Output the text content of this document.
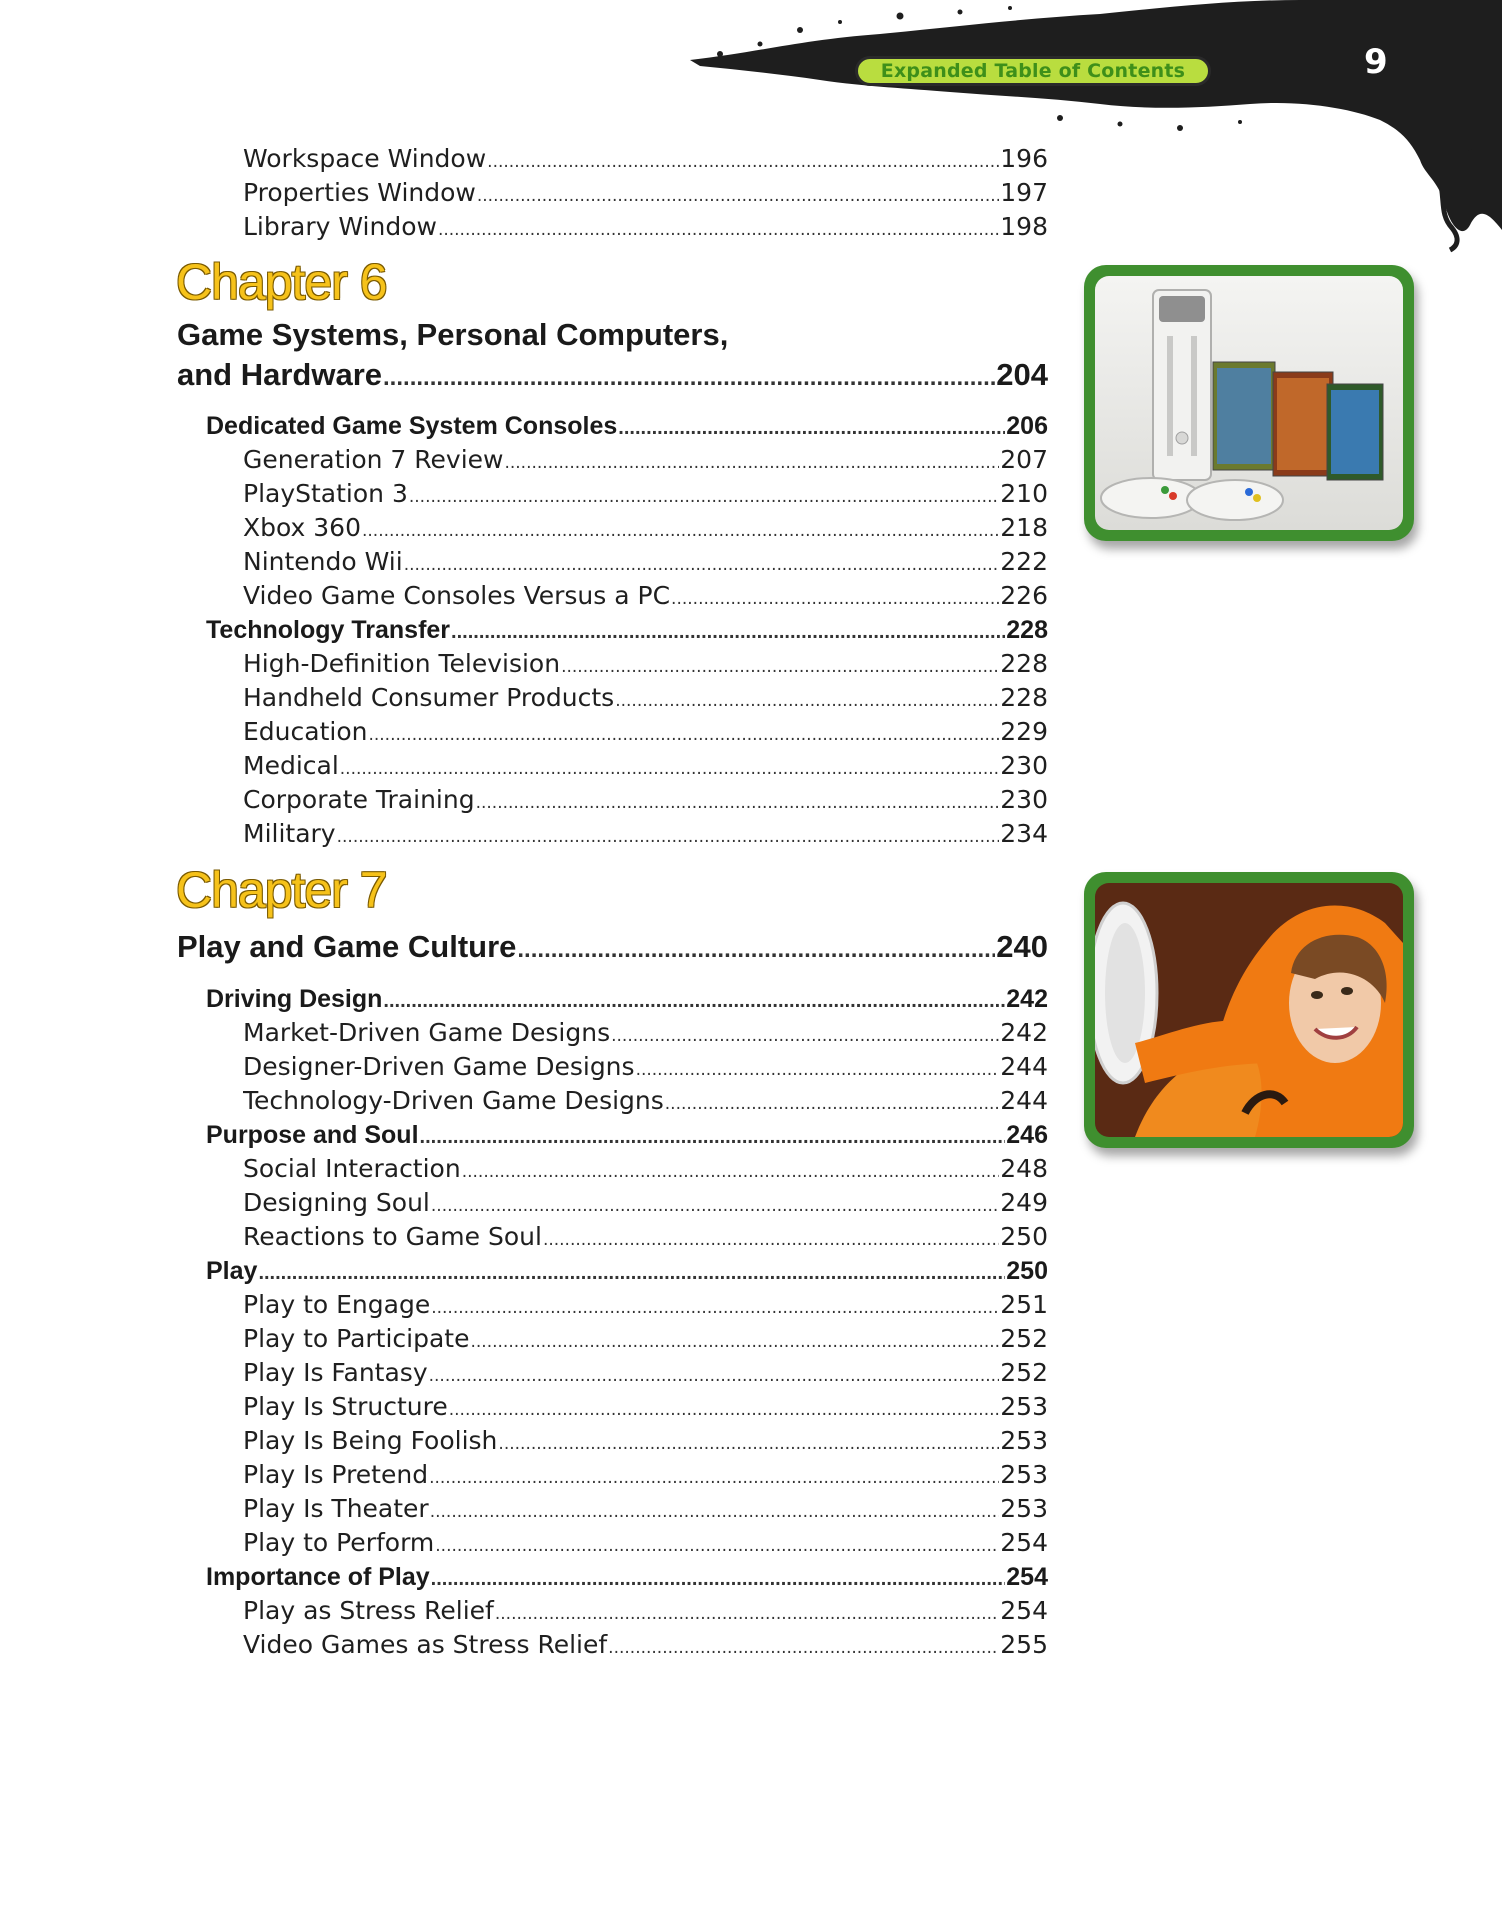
Expanded Table of Contents	9
Workspace Window .....	196
Properties Window .....	197
Library Window .....	198
Chapter 6
Game Systems, Personal Computers,
and Hardware .....	204
Dedicated Game System Consoles .....	206
Generation 7 Review .....	207
PlayStation 3 .....	210
Xbox 360 .....	218
Nintendo Wii .....	222
Video Game Consoles Versus a PC .....	226
Technology Transfer .....	228
High-Definition Television .....	228
Handheld Consumer Products .....	228
Education .....	229
Medical .....	230
Corporate Training .....	230
Military .....	234
Chapter 7
Play and Game Culture .....	240
Driving Design .....	242
Market-Driven Game Designs .....	242
Designer-Driven Game Designs .....	244
Technology-Driven Game Designs .....	244
Purpose and Soul .....	246
Social Interaction .....	248
Designing Soul .....	249
Reactions to Game Soul .....	250
Play .....	250
Play to Engage .....	251
Play to Participate .....	252
Play Is Fantasy .....	252
Play Is Structure .....	253
Play Is Being Foolish .....	253
Play Is Pretend .....	253
Play Is Theater .....	253
Play to Perform .....	254
Importance of Play .....	254
Play as Stress Relief .....	254
Video Games as Stress Relief .....	255
